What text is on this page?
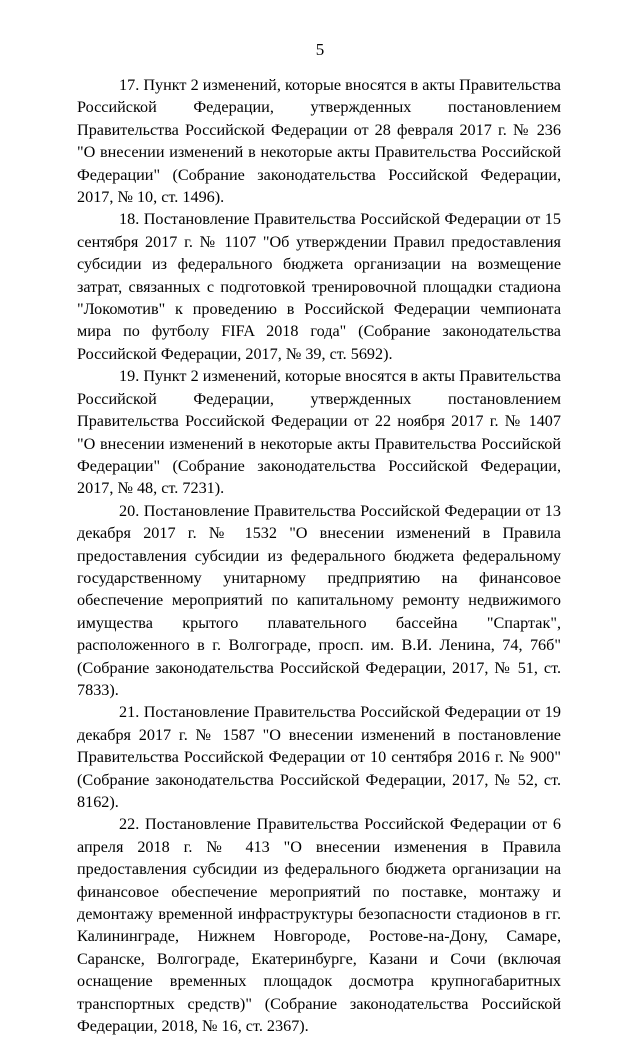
5

17. Пункт 2 изменений, которые вносятся в акты Правительства Российской Федерации, утвержденных постановлением Правительства Российской Федерации от 28 февраля 2017 г. № 236 "О внесении изменений в некоторые акты Правительства Российской Федерации" (Собрание законодательства Российской Федерации, 2017, № 10, ст. 1496).

18. Постановление Правительства Российской Федерации от 15 сентября 2017 г. № 1107 "Об утверждении Правил предоставления субсидии из федерального бюджета организации на возмещение затрат, связанных с подготовкой тренировочной площадки стадиона "Локомотив" к проведению в Российской Федерации чемпионата мира по футболу FIFA 2018 года" (Собрание законодательства Российской Федерации, 2017, № 39, ст. 5692).

19. Пункт 2 изменений, которые вносятся в акты Правительства Российской Федерации, утвержденных постановлением Правительства Российской Федерации от 22 ноября 2017 г. № 1407 "О внесении изменений в некоторые акты Правительства Российской Федерации" (Собрание законодательства Российской Федерации, 2017, № 48, ст. 7231).

20. Постановление Правительства Российской Федерации от 13 декабря 2017 г. № 1532 "О внесении изменений в Правила предоставления субсидии из федерального бюджета федеральному государственному унитарному предприятию на финансовое обеспечение мероприятий по капитальному ремонту недвижимого имущества крытого плавательного бассейна "Спартак", расположенного в г. Волгограде, просп. им. В.И. Ленина, 74, 76б" (Собрание законодательства Российской Федерации, 2017, № 51, ст. 7833).

21. Постановление Правительства Российской Федерации от 19 декабря 2017 г. № 1587 "О внесении изменений в постановление Правительства Российской Федерации от 10 сентября 2016 г. № 900" (Собрание законодательства Российской Федерации, 2017, № 52, ст. 8162).

22. Постановление Правительства Российской Федерации от 6 апреля 2018 г. № 413 "О внесении изменения в Правила предоставления субсидии из федерального бюджета организации на финансовое обеспечение мероприятий по поставке, монтажу и демонтажу временной инфраструктуры безопасности стадионов в гг. Калининграде, Нижнем Новгороде, Ростове-на-Дону, Самаре, Саранске, Волгограде, Екатеринбурге, Казани и Сочи (включая оснащение временных площадок досмотра крупногабаритных транспортных средств)" (Собрание законодательства Российской Федерации, 2018, № 16, ст. 2367).
